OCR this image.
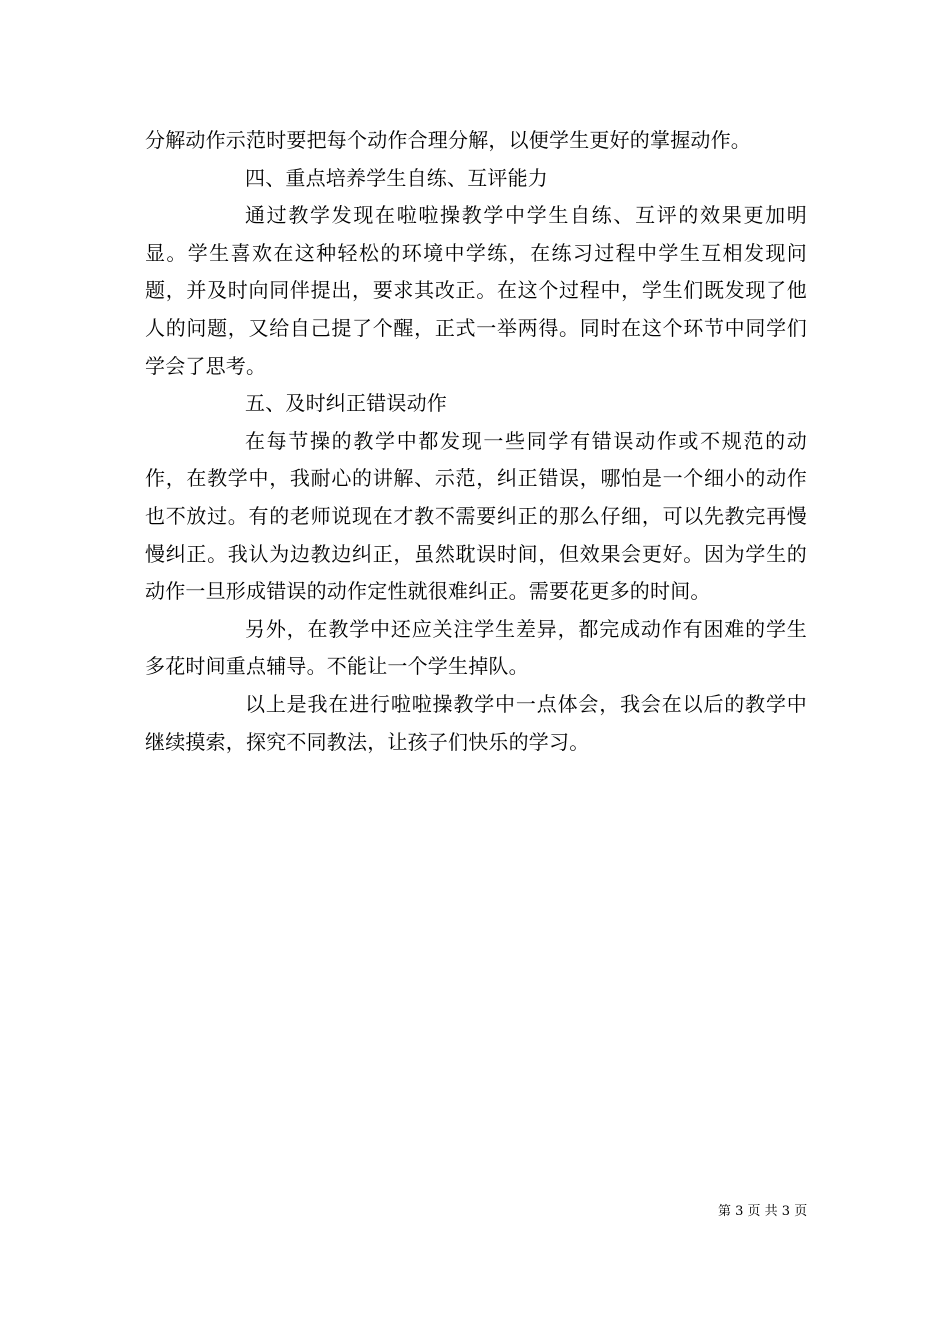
分解动作示范时要把每个动作合理分解，以便学生更好的掌握动作。

四、重点培养学生自练、互评能力

通过教学发现在啦啦操教学中学生自练、互评的效果更加明显。学生喜欢在这种轻松的环境中学练，在练习过程中学生互相发现问题，并及时向同伴提出，要求其改正。在这个过程中，学生们既发现了他人的问题，又给自己提了个醒，正式一举两得。同时在这个环节中同学们学会了思考。

五、及时纠正错误动作

在每节操的教学中都发现一些同学有错误动作或不规范的动作，在教学中，我耐心的讲解、示范，纠正错误，哪怕是一个细小的动作也不放过。有的老师说现在才教不需要纠正的那么仔细，可以先教完再慢慢纠正。我认为边教边纠正，虽然耽误时间，但效果会更好。因为学生的动作一旦形成错误的动作定性就很难纠正。需要花更多的时间。

另外，在教学中还应关注学生差异，都完成动作有困难的学生多花时间重点辅导。不能让一个学生掉队。

以上是我在进行啦啦操教学中一点体会，我会在以后的教学中继续摸索，探究不同教法，让孩子们快乐的学习。

第 3 页 共 3 页
